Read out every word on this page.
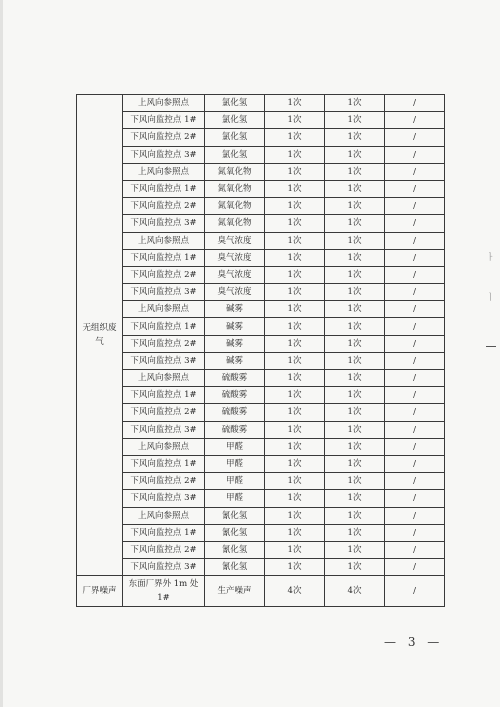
无组织废气	上风向参照点	氯化氢	1次	1次	/
	下风向监控点 1#	氯化氢	1次	1次	/
	下风向监控点 2#	氯化氢	1次	1次	/
	下风向监控点 3#	氯化氢	1次	1次	/
	上风向参照点	氮氧化物	1次	1次	/
	下风向监控点 1#	氮氧化物	1次	1次	/
	下风向监控点 2#	氮氧化物	1次	1次	/
	下风向监控点 3#	氮氧化物	1次	1次	/
	上风向参照点	臭气浓度	1次	1次	/
	下风向监控点 1#	臭气浓度	1次	1次	/
	下风向监控点 2#	臭气浓度	1次	1次	/
	下风向监控点 3#	臭气浓度	1次	1次	/
	上风向参照点	碱雾	1次	1次	/
	下风向监控点 1#	碱雾	1次	1次	/
	下风向监控点 2#	碱雾	1次	1次	/
	下风向监控点 3#	碱雾	1次	1次	/
	上风向参照点	硫酸雾	1次	1次	/
	下风向监控点 1#	硫酸雾	1次	1次	/
	下风向监控点 2#	硫酸雾	1次	1次	/
	下风向监控点 3#	硫酸雾	1次	1次	/
	上风向参照点	甲醛	1次	1次	/
	下风向监控点 1#	甲醛	1次	1次	/
	下风向监控点 2#	甲醛	1次	1次	/
	下风向监控点 3#	甲醛	1次	1次	/
	上风向参照点	氰化氢	1次	1次	/
	下风向监控点 1#	氰化氢	1次	1次	/
	下风向监控点 2#	氰化氢	1次	1次	/
	下风向监控点 3#	氰化氢	1次	1次	/
厂界噪声	东面厂界外 1m 处 1#	生产噪声	4次	4次	/
— 3 —
ㅏ
ㅣ
